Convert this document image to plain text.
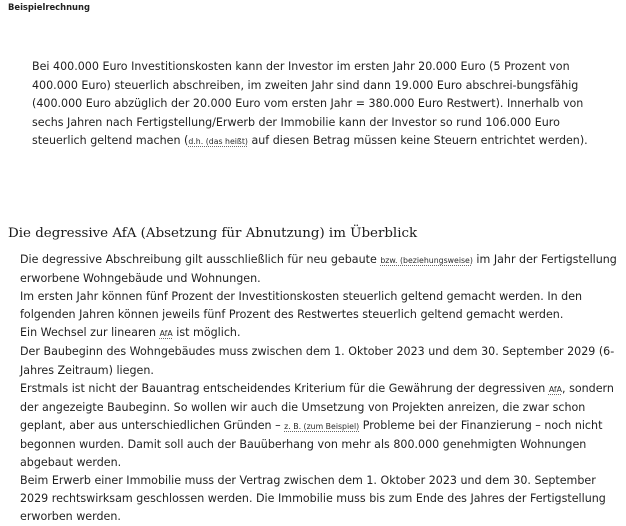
Beispielrechnung
Bei 400.000 Euro Investitionskosten kann der Investor im ersten Jahr 20.000 Euro (5 Prozent von 400.000 Euro) steuerlich abschreiben, im zweiten Jahr sind dann 19.000 Euro abschrei-bungsfähig (400.000 Euro abzüglich der 20.000 Euro vom ersten Jahr = 380.000 Euro Restwert). Innerhalb von sechs Jahren nach Fertigstellung/Erwerb der Immobilie kann der Investor so rund 106.000 Euro steuerlich geltend machen (d.h. (das heißt) auf diesen Betrag müssen keine Steuern entrichtet werden).
Die degressive AfA (Absetzung für Abnutzung) im Überblick
Die degressive Abschreibung gilt ausschließlich für neu gebaute bzw. (beziehungsweise) im Jahr der Fertigstellung erworbene Wohngebäude und Wohnungen.
Im ersten Jahr können fünf Prozent der Investitionskosten steuerlich geltend gemacht werden. In den folgenden Jahren können jeweils fünf Prozent des Restwertes steuerlich geltend gemacht werden.
Ein Wechsel zur linearen AfA ist möglich.
Der Baubeginn des Wohngebäudes muss zwischen dem 1. Oktober 2023 und dem 30. September 2029 (6-Jahres Zeitraum) liegen.
Erstmals ist nicht der Bauantrag entscheidendes Kriterium für die Gewährung der degressiven AfA, sondern der angezeigte Baubeginn. So wollen wir auch die Umsetzung von Projekten anreizen, die zwar schon geplant, aber aus unterschiedlichen Gründen – z. B. (zum Beispiel) Probleme bei der Finanzierung – noch nicht begonnen wurden. Damit soll auch der Bauüberhang von mehr als 800.000 genehmigten Wohnungen abgebaut werden.
Beim Erwerb einer Immobilie muss der Vertrag zwischen dem 1. Oktober 2023 und dem 30. September 2029 rechtswirksam geschlossen werden. Die Immobilie muss bis zum Ende des Jahres der Fertigstellung erworben werden.
